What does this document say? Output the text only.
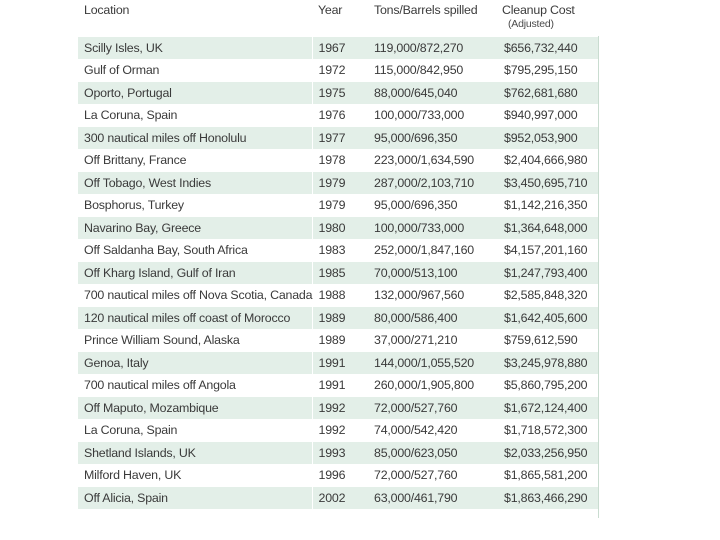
Location	Year	Tons/Barrels spilled	Cleanup Cost
(Adjusted)

Scilly Isles, UK	1967	119,000/872,270	$656,732,440
Gulf of Orman	1972	115,000/842,950	$795,295,150
Oporto, Portugal	1975	88,000/645,040	$762,681,680
La Coruna, Spain	1976	100,000/733,000	$940,997,000
300 nautical miles off Honolulu	1977	95,000/696,350	$952,053,900
Off Brittany, France	1978	223,000/1,634,590	$2,404,666,980
Off Tobago, West Indies	1979	287,000/2,103,710	$3,450,695,710
Bosphorus, Turkey	1979	95,000/696,350	$1,142,216,350
Navarino Bay, Greece	1980	100,000/733,000	$1,364,648,000
Off Saldanha Bay, South Africa	1983	252,000/1,847,160	$4,157,201,160
Off Kharg Island, Gulf of Iran	1985	70,000/513,100	$1,247,793,400
700 nautical miles off Nova Scotia, Canada	1988	132,000/967,560	$2,585,848,320
120 nautical miles off coast of Morocco	1989	80,000/586,400	$1,642,405,600
Prince William Sound, Alaska	1989	37,000/271,210	$759,612,590
Genoa, Italy	1991	144,000/1,055,520	$3,245,978,880
700 nautical miles off Angola	1991	260,000/1,905,800	$5,860,795,200
Off Maputo, Mozambique	1992	72,000/527,760	$1,672,124,400
La Coruna, Spain	1992	74,000/542,420	$1,718,572,300
Shetland Islands, UK	1993	85,000/623,050	$2,033,256,950
Milford Haven, UK	1996	72,000/527,760	$1,865,581,200
Off Alicia, Spain	2002	63,000/461,790	$1,863,466,290
